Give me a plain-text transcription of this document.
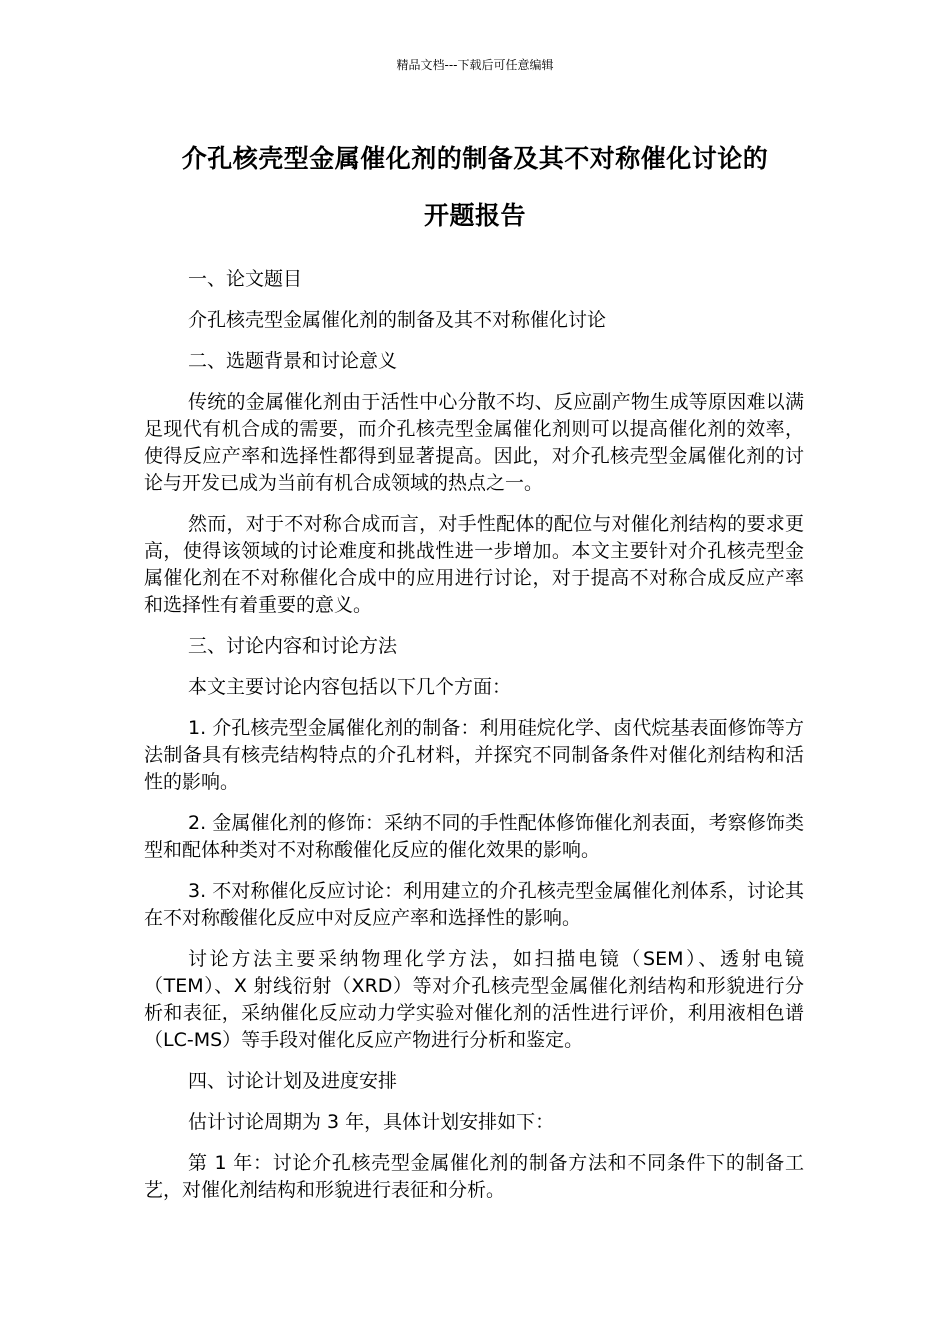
精品文档---下载后可任意编辑
介孔核壳型金属催化剂的制备及其不对称催化讨论的
开题报告

一、论文题目

介孔核壳型金属催化剂的制备及其不对称催化讨论

二、选题背景和讨论意义

传统的金属催化剂由于活性中心分散不均、反应副产物生成等原因难以满足现代有机合成的需要，而介孔核壳型金属催化剂则可以提高催化剂的效率，使得反应产率和选择性都得到显著提高。因此，对介孔核壳型金属催化剂的讨论与开发已成为当前有机合成领域的热点之一。

然而，对于不对称合成而言，对手性配体的配位与对催化剂结构的要求更高，使得该领域的讨论难度和挑战性进一步增加。本文主要针对介孔核壳型金属催化剂在不对称催化合成中的应用进行讨论，对于提高不对称合成反应产率和选择性有着重要的意义。

三、讨论内容和讨论方法

本文主要讨论内容包括以下几个方面：

1. 介孔核壳型金属催化剂的制备：利用硅烷化学、卤代烷基表面修饰等方法制备具有核壳结构特点的介孔材料，并探究不同制备条件对催化剂结构和活性的影响。

2. 金属催化剂的修饰：采纳不同的手性配体修饰催化剂表面，考察修饰类型和配体种类对不对称酸催化反应的催化效果的影响。

3. 不对称催化反应讨论：利用建立的介孔核壳型金属催化剂体系，讨论其在不对称酸催化反应中对反应产率和选择性的影响。

讨论方法主要采纳物理化学方法，如扫描电镜（SEM）、透射电镜（TEM）、X 射线衍射（XRD）等对介孔核壳型金属催化剂结构和形貌进行分析和表征，采纳催化反应动力学实验对催化剂的活性进行评价，利用液相色谱（LC-MS）等手段对催化反应产物进行分析和鉴定。

四、讨论计划及进度安排

估计讨论周期为 3 年，具体计划安排如下：

第 1 年：讨论介孔核壳型金属催化剂的制备方法和不同条件下的制备工艺，对催化剂结构和形貌进行表征和分析。
